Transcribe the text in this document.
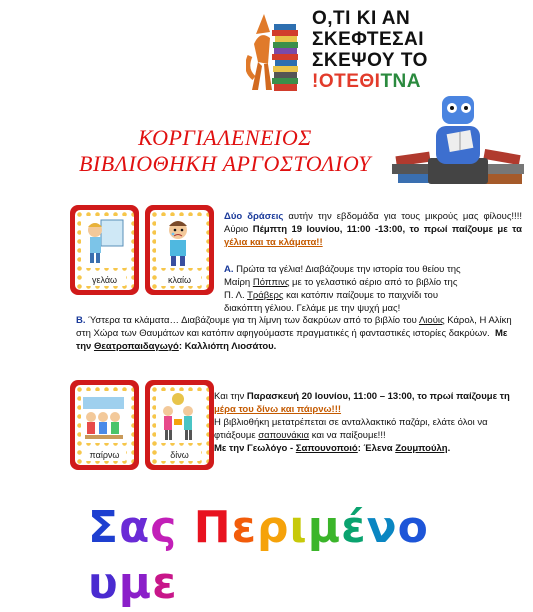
Ο,ΤΙ ΚΙ ΑΝ
ΣΚΕΦΤΕΣΑΙ
ΣΚΕΨΟΥ ΤΟ
!ΟΤΕΘΙΤΝΑ
ΚΟΡΓΙΑΛΕΝΕΙΟΣ
ΒΙΒΛΙΟΘΗΚΗ ΑΡΓΟΣΤΟΛΙΟΥ
γελάω	κλαίω
Δύο δράσεις αυτήν την εβδομάδα για τους μικρούς μας φίλους!!!! Αύριο Πέμπτη 19 Ιουνίου, 11:00 -13:00, το πρωί παίζουμε με τα γέλια και τα κλάματα!!
Α. Πρώτα τα γέλια! Διαβάζουμε την ιστορία του θείου της Μαίρη Πόππινς με το γελαστικό αέριο από το βιβλίο της Π. Λ. Τράβερς και κατόπιν παίζουμε το παιχνίδι του διακόπτη γέλιου. Γελάμε με την ψυχή μας!
Β. Ύστερα τα κλάματα… Διαβάζουμε για τη λίμνη των δακρύων από το βιβλίο του Λιούις Κάρολ, Η Αλίκη στη Χώρα των Θαυμάτων και κατόπιν αφηγούμαστε πραγματικές ή φανταστικές ιστορίες δακρύων. Με την Θεατροπαιδαγωγό: Καλλιόπη Λιοσάτου.
παίρνω	δίνω
Και την Παρασκευή 20 Ιουνίου, 11:00 – 13:00, το πρωί παίζουμε τη μέρα του δίνω και πάιρνω!!!
Η βιβλιοθήκη μετατρέπεται σε ανταλλακτικό παζάρι, ελάτε όλοι να φτιάξουμε σαπουνάκια και να παίξουμε!!!
Με την Γεωλόγο - Σαπουνοποιό: Έλενα Ζουμπούλη.
Σας Περιμένουμε
